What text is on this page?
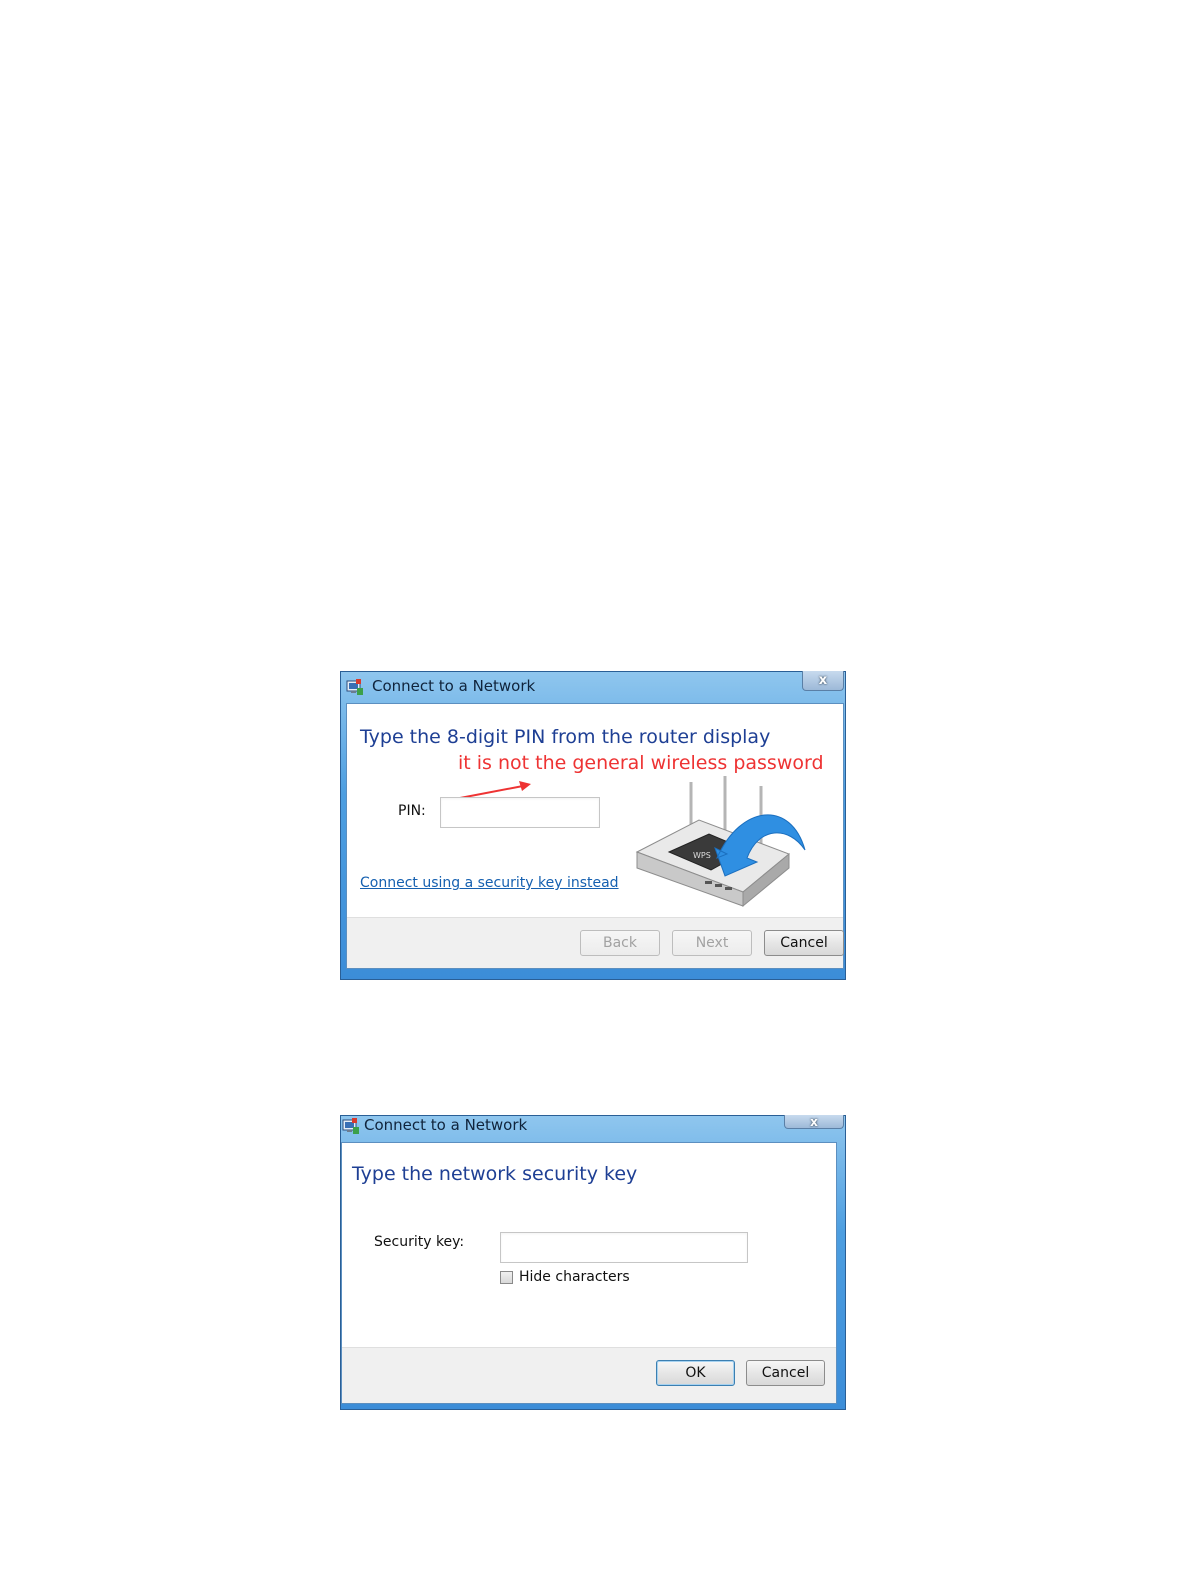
Connect to a Network	x
Type the 8-digit PIN from the router display
it is not the general wireless password
PIN:
Connect using a security key instead
WPS
Back	Next	Cancel
Connect to a Network	x
Type the network security key
Security key:
Hide characters
OK	Cancel
